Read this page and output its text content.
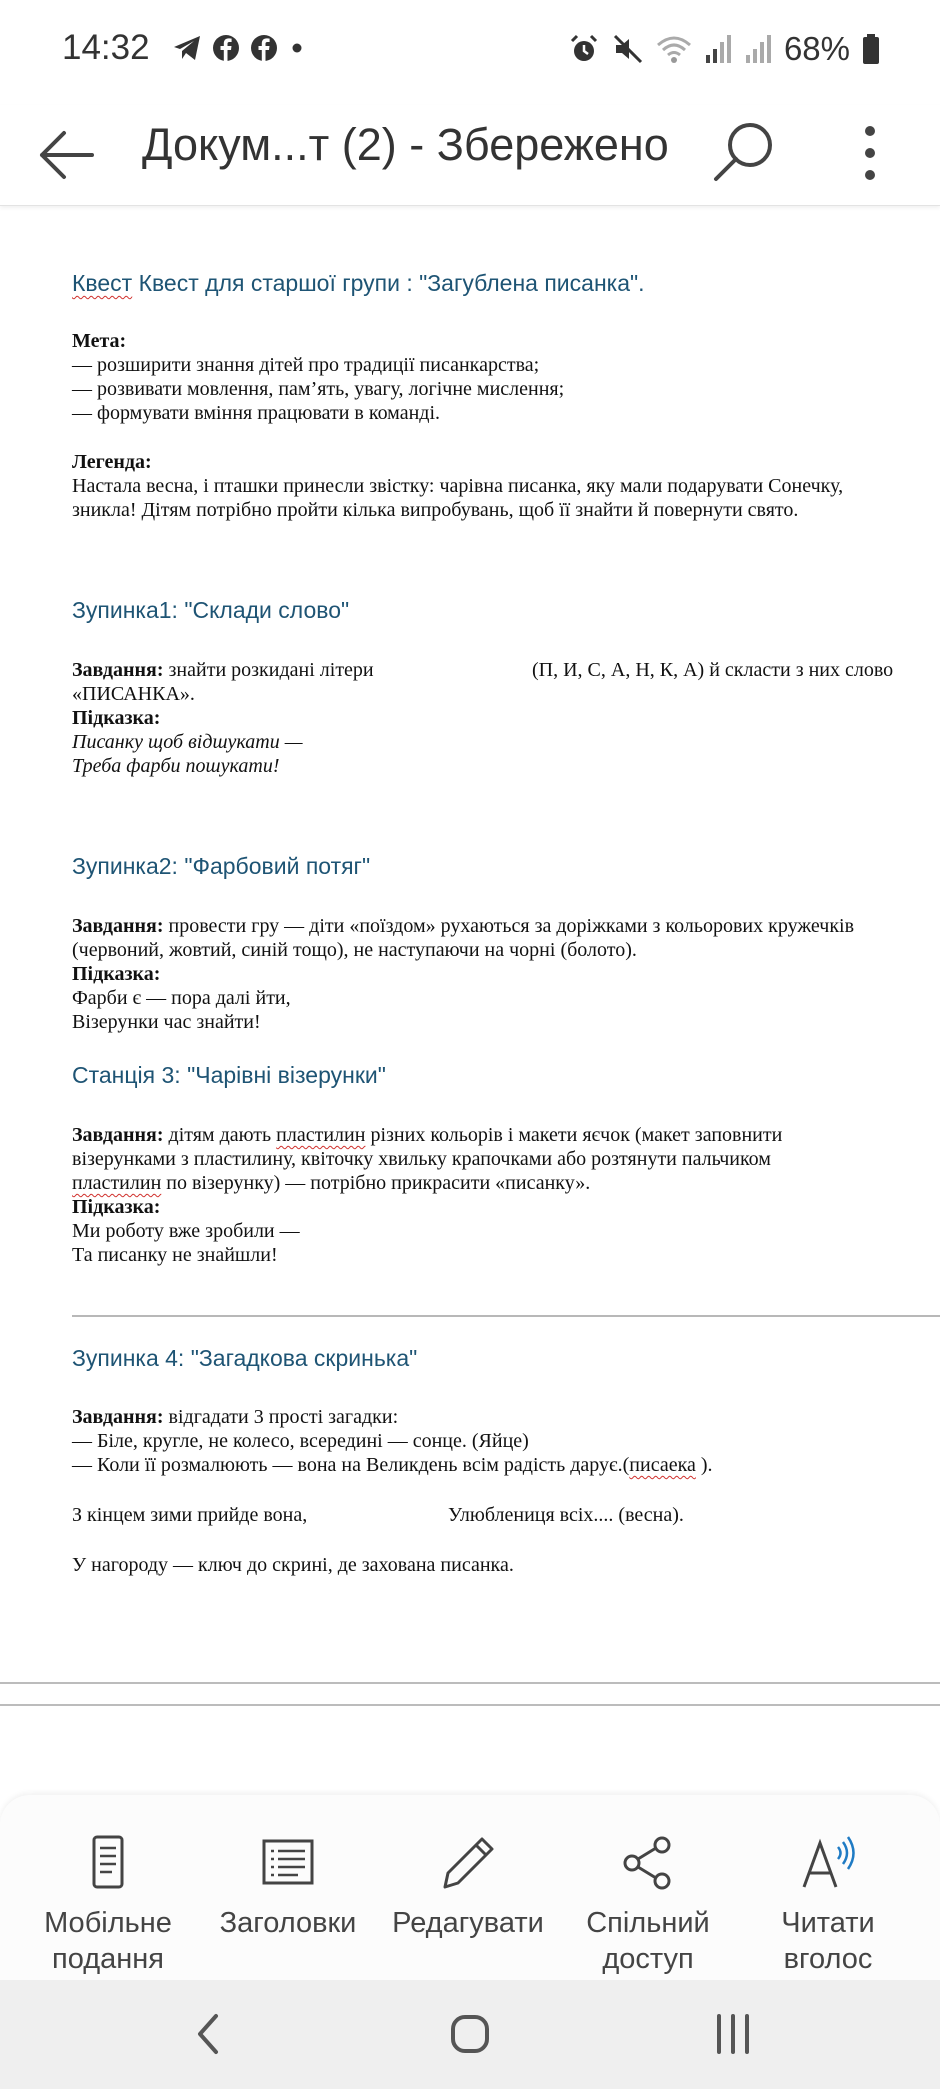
14:32	68%
Докум...т (2) - Збережено
Квест Квест для старшої групи : "Загублена писанка".
Мета:
— розширити знання дітей про традиції писанкарства;
— розвивати мовлення, пам’ять, увагу, логічне мислення;
— формувати вміння працювати в команді.
Легенда:
Настала весна, і пташки принесли звістку: чарівна писанка, яку мали подарувати Сонечку,
зникла! Дітям потрібно пройти кілька випробувань, щоб її знайти й повернути свято.
Зупинка1: "Склади слово"
Завдання: знайти розкидані літери	(П, И, С, А, Н, К, А) й скласти з них слово
«ПИСАНКА».
Підказка:
Писанку щоб відшукати —
Треба фарби пошукати!
Зупинка2: "Фарбовий потяг"
Завдання: провести гру — діти «поїздом» рухаються за доріжками з кольорових кружечків
(червоний, жовтий, синій тощо), не наступаючи на чорні (болото).
Підказка:
Фарби є — пора далі йти,
Візерунки час знайти!
Станція 3: "Чарівні візерунки"
Завдання: дітям дають пластилин різних кольорів і макети яєчок (макет заповнити
візерунками з пластилину, квіточку хвильку крапочками або розтянути пальчиком
пластилин по візерунку) — потрібно прикрасити «писанку».
Підказка:
Ми роботу вже зробили —
Та писанку не знайшли!
Зупинка 4: "Загадкова скринька"
Завдання: відгадати 3 прості загадки:
— Біле, кругле, не колесо, всередині — сонце. (Яйце)
— Коли її розмалюють — вона на Великдень всім радість дарує.(писаека ).
З кінцем зими прийде вона,	Улюблениця всіх.... (весна).
У нагороду — ключ до скрині, де захована писанка.
Мобільне
подання
Заголовки	Редагувати	Спільний
доступ
Читати
вголос
